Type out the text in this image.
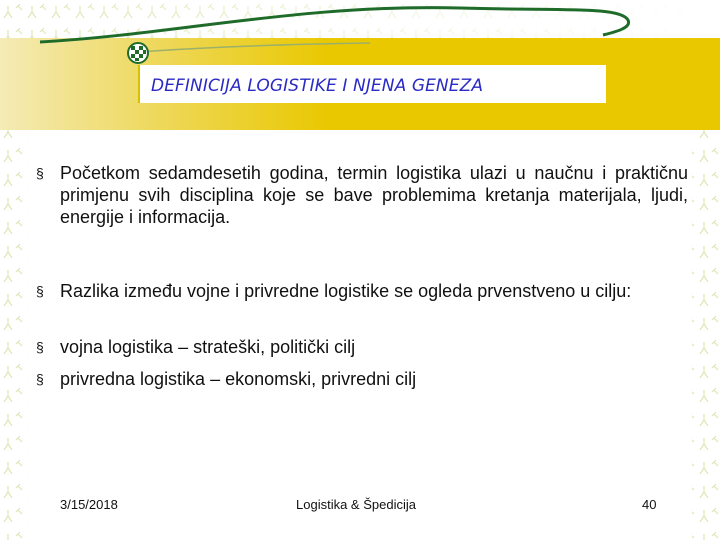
DEFINICIJA LOGISTIKE I NJENA GENEZA
§ Početkom sedamdesetih godina, termin logistika ulazi u naučnu i praktičnu primjenu svih disciplina koje se bave problemima kretanja materijala, ljudi, energije i informacija.
§ Razlika između vojne i privredne logistike se ogleda prvenstveno u cilju:
§ vojna logistika – strateški, politički cilj
§ privredna logistika – ekonomski, privredni cilj
3/15/2018	Logistika & Špedicija	40
